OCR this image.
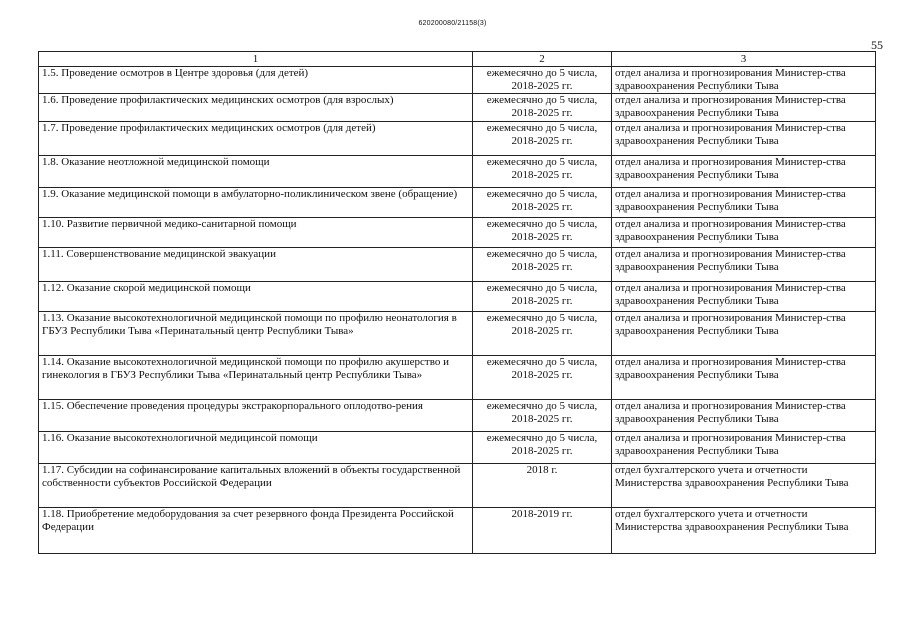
620200080/21158(3)
55
1	2	3
1.5. Проведение осмотров в Центре здоровья (для детей)	ежемесячно до 5 числа, 2018-2025 гг.	отдел анализа и прогнозирования Министер-ства здравоохранения Республики Тыва
1.6. Проведение профилактических медицинских осмотров (для взрослых)	ежемесячно до 5 числа, 2018-2025 гг.	отдел анализа и прогнозирования Министер-ства здравоохранения Республики Тыва
1.7. Проведение профилактических медицинских осмотров (для детей)	ежемесячно до 5 числа, 2018-2025 гг.	отдел анализа и прогнозирования Министер-ства здравоохранения Республики Тыва
1.8. Оказание неотложной медицинской помощи	ежемесячно до 5 числа, 2018-2025 гг.	отдел анализа и прогнозирования Министер-ства здравоохранения Республики Тыва
1.9. Оказание медицинской помощи в амбулаторно-поликлиническом звене (обращение)	ежемесячно до 5 числа, 2018-2025 гг.	отдел анализа и прогнозирования Министер-ства здравоохранения Республики Тыва
1.10. Развитие первичной медико-санитарной помощи	ежемесячно до 5 числа, 2018-2025 гг.	отдел анализа и прогнозирования Министер-ства здравоохранения Республики Тыва
1.11. Совершенствование медицинской эвакуации	ежемесячно до 5 числа, 2018-2025 гг.	отдел анализа и прогнозирования Министер-ства здравоохранения Республики Тыва
1.12. Оказание скорой медицинской помощи	ежемесячно до 5 числа, 2018-2025 гг.	отдел анализа и прогнозирования Министер-ства здравоохранения Республики Тыва
1.13. Оказание высокотехнологичной медицинской помощи по профилю неонатология в ГБУЗ Республики Тыва «Перинатальный центр Республики Тыва»	ежемесячно до 5 числа, 2018-2025 гг.	отдел анализа и прогнозирования Министер-ства здравоохранения Республики Тыва
1.14. Оказание высокотехнологичной медицинской помощи по профилю акушерство и гинекология в ГБУЗ Республики Тыва «Перинатальный центр Республики Тыва»	ежемесячно до 5 числа, 2018-2025 гг.	отдел анализа и прогнозирования Министер-ства здравоохранения Республики Тыва
1.15. Обеспечение проведения процедуры экстракорпорального оплодотво-рения	ежемесячно до 5 числа, 2018-2025 гг.	отдел анализа и прогнозирования Министер-ства здравоохранения Республики Тыва
1.16. Оказание высокотехнологичной медицинсой помощи	ежемесячно до 5 числа, 2018-2025 гг.	отдел анализа и прогнозирования Министер-ства здравоохранения Республики Тыва
1.17. Субсидии на софинансирование капитальных вложений в объекты государственной собственности субъектов Российской Федерации	2018 г.	отдел бухгалтерского учета и отчетности Министерства здравоохранения Республики Тыва
1.18. Приобретение медоборудования за счет резервного фонда Президента Российской Федерации	2018-2019 гг.	отдел бухгалтерского учета и отчетности Министерства здравоохранения Республики Тыва
